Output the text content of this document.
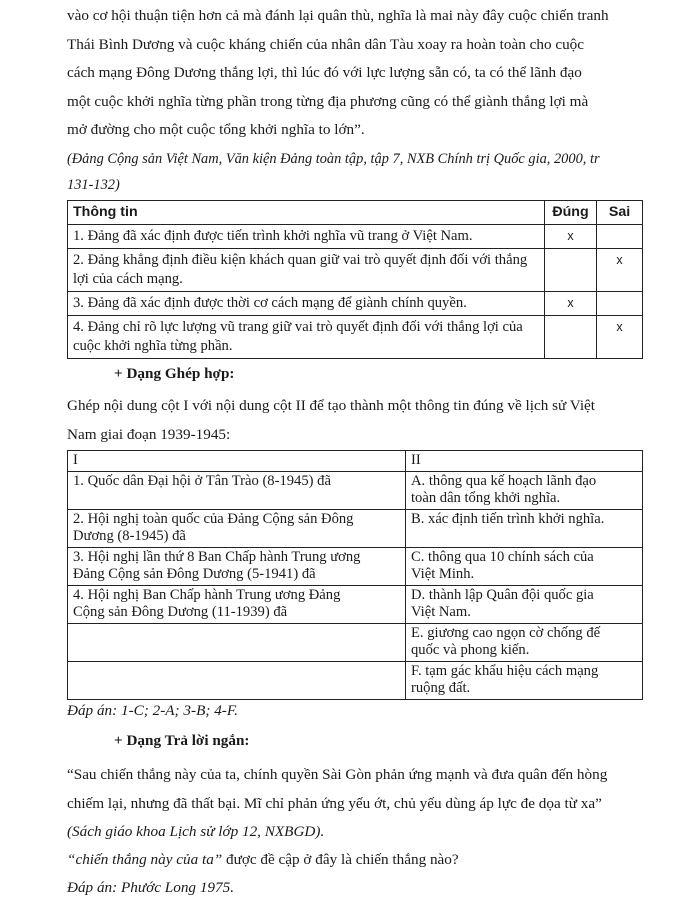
vào cơ hội thuận tiện hơn cả mà đánh lại quân thù, nghĩa là mai này đây cuộc chiến tranh
Thái Bình Dương và cuộc kháng chiến của nhân dân Tàu xoay ra hoàn toàn cho cuộc
cách mạng Đông Dương thắng lợi, thì lúc đó với lực lượng sẵn có, ta có thể lãnh đạo
một cuộc khởi nghĩa từng phần trong từng địa phương cũng có thể giành thắng lợi mà
mở đường cho một cuộc tổng khởi nghĩa to lớn”.

(Đảng Cộng sản Việt Nam, Văn kiện Đảng toàn tập, tập 7, NXB Chính trị Quốc gia, 2000, tr
131-132)

Thông tin	Đúng	Sai
1. Đảng đã xác định được tiến trình khởi nghĩa vũ trang ở Việt Nam.	x	
2. Đảng khẳng định điều kiện khách quan giữ vai trò quyết định đối với thắng lợi của cách mạng.		x
3. Đảng đã xác định được thời cơ cách mạng để giành chính quyền.	x	
4. Đảng chỉ rõ lực lượng vũ trang giữ vai trò quyết định đối với thắng lợi của cuộc khởi nghĩa từng phần.		x

+ Dạng Ghép hợp:

Ghép nội dung cột I với nội dung cột II để tạo thành một thông tin đúng về lịch sử Việt
Nam giai đoạn 1939-1945:

I	II

1. Quốc dân Đại hội ở Tân Trào (8-1945) đã	A. thông qua kế hoạch lãnh đạo
toàn dân tổng khởi nghĩa.

2. Hội nghị toàn quốc của Đảng Cộng sản Đông
Dương (8-1945) đã	B. xác định tiến trình khởi nghĩa.

3. Hội nghị lần thứ 8 Ban Chấp hành Trung ương
Đảng Cộng sản Đông Dương (5-1941) đã	C. thông qua 10 chính sách của
Việt Minh.

4. Hội nghị Ban Chấp hành Trung ương Đảng
Cộng sản Đông Dương (11-1939) đã	D. thành lập Quân đội quốc gia
Việt Nam.

	E. giương cao ngọn cờ chống đế
quốc và phong kiến.

	F. tạm gác khẩu hiệu cách mạng
ruộng đất.

Đáp án: 1-C; 2-A; 3-B; 4-F.

+ Dạng Trả lời ngắn:

“Sau chiến thắng này của ta, chính quyền Sài Gòn phản ứng mạnh và đưa quân đến hòng
chiếm lại, nhưng đã thất bại. Mĩ chỉ phản ứng yếu ớt, chủ yếu dùng áp lực đe dọa từ xa”

(Sách giáo khoa Lịch sử lớp 12, NXBGD).

“chiến thắng này của ta” được đề cập ở đây là chiến thắng nào?

Đáp án: Phước Long 1975.
